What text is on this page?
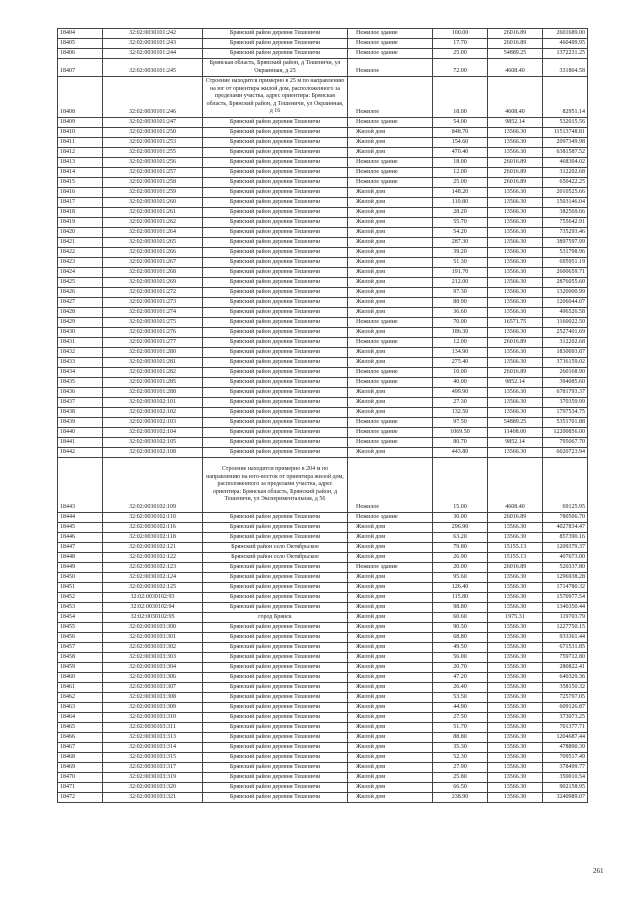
18404	32:02:0030101:242	Брянский район деревня Тешеничи	Нежилое здание	100.00	26016.89	2601689.00
18405	32:02:0030101:243	Брянский район деревня Тешеничи	Нежилое здание	17.70	26016.89	460499.95
18406	32:02:0030101:244	Брянский район деревня Тешеничи	Нежилое здание	25.00	54889.25	1372231.25
18407	32:02:0030101:245	Брянская область, Брянский район, д Тешеничи, ул Окраинная, д 25	Нежилое	72.00	4608.40	331804.58
18408	32:02:0030101:246	Строение находится примерно в 25 м по направлению на юг от ориентира жилой дом, расположенного за пределами участка, адрес ориентира: Брянская область, Брянский район, д Тешеничи, ул Окраинная, д 16	Нежилое	18.00	4608.40	82951.14
18409	32:02:0030101:247	Брянский район деревня Тешеничи	Нежилое здание	54.00	9852.14	532015.56
18410	32:02:0030101:250	Брянский район деревня Тешеничи	Жилой дом	848.70	13566.30	11513748.81
18411	32:02:0030101:253	Брянский район деревня Тешеничи	Жилой дом	154.60	13566.30	2097349.98
18412	32:02:0030101:255	Брянский район деревня Тешеничи	Жилой дом	470.40	13566.30	6381587.52
18413	32:02:0030101:256	Брянский район деревня Тешеничи	Нежилое здание	18.00	26016.89	468304.02
18414	32:02:0030101:257	Брянский район деревня Тешеничи	Нежилое здание	12.00	26016.89	312202.68
18415	32:02:0030101:258	Брянский район деревня Тешеничи	Нежилое здание	25.00	26016.89	650422.25
18416	32:02:0030101:259	Брянский район деревня Тешеничи	Жилой дом	148.20	13566.30	2010525.66
18417	32:02:0030101:260	Брянский район деревня Тешеничи	Жилой дом	110.80	13566.30	1503146.04
18418	32:02:0030101:261	Брянский район деревня Тешеничи	Жилой дом	28.20	13566.30	382569.66
18419	32:02:0030101:262	Брянский район деревня Тешеничи	Жилой дом	55.70	13566.30	755642.91
18420	32:02:0030101:264	Брянский район деревня Тешеничи	Жилой дом	54.20	13566.30	735293.46
18421	32:02:0030101:265	Брянский район деревня Тешеничи	Жилой дом	287.30	13566.30	3897597.99
18422	32:02:0030101:266	Брянский район деревня Тешеничи	Жилой дом	39.20	13566.30	531798.96
18423	32:02:0030101:267	Брянский район деревня Тешеничи	Жилой дом	51.30	13566.30	695951.19
18424	32:02:0030101:268	Брянский район деревня Тешеничи	Жилой дом	191.70	13566.30	2600659.71
18425	32:02:0030101:269	Брянский район деревня Тешеничи	Жилой дом	212.00	13566.30	2876055.60
18426	32:02:0030101:272	Брянский район деревня Тешеничи	Жилой дом	97.30	13566.30	1320000.99
18427	32:02:0030101:273	Брянский район деревня Тешеничи	Жилой дом	88.90	13566.30	1206044.07
18428	32:02:0030101:274	Брянский район деревня Тешеничи	Жилой дом	36.60	13566.30	496526.58
18429	32:02:0030101:275	Брянский район деревня Тешеничи	Нежилое здание	70.00	16571.75	1160022.50
18430	32:02:0030101:276	Брянский район деревня Тешеничи	Жилой дом	186.30	13566.30	2527401.69
18431	32:02:0030101:277	Брянский район деревня Тешеничи	Нежилое здание	12.00	26016.89	312202.68
18432	32:02:0030101:280	Брянский район деревня Тешеничи	Жилой дом	134.90	13566.30	1830093.87
18433	32:02:0030101:281	Брянский район деревня Тешеничи	Жилой дом	275.40	13566.30	3736159.02
18434	32:02:0030101:282	Брянский район деревня Тешеничи	Нежилое здание	10.00	26016.89	260168.90
18435	32:02:0030101:285	Брянский район деревня Тешеничи	Нежилое здание	40.00	9852.14	394085.60
18436	32:02:0030101:288	Брянский район деревня Тешеничи	Жилой дом	499.90	13566.30	6781793.37
18437	32:02:0030102:101	Брянский район деревня Тешеничи	Жилой дом	27.30	13566.30	370359.99
18438	32:02:0030102:102	Брянский район деревня Тешеничи	Жилой дом	132.50	13566.30	1797534.75
18439	32:02:0030102:103	Брянский район деревня Тешеничи	Нежилое здание	97.50	54889.25	5351701.88
18440	32:02:0030102:104	Брянский район деревня Тешеничи	Нежилое здание	1069.50	11408.00	12200856.00
18441	32:02:0030102:105	Брянский район деревня Тешеничи	Нежилое здание	80.70	9852.14	795067.70
18442	32:02:0030102:108	Брянский район деревня Тешеничи	Жилой дом	443.80	13566.30	6020723.94
18443	32:02:0030102:109	Строение находится примерно в 204 м по направлению на юго-восток от ориентира жилой дом, расположенного за пределами участка, адрес ориентира: Брянская область, Брянский район, д Тешеничи, ул Экспериментальная, д 56	Нежилое	15.00	4608.40	69125.95
18444	32:02:0030102:110	Брянский район деревня Тешеничи	Нежилое здание	30.00	26016.89	780506.70
18445	32:02:0030102:116	Брянский район деревня Тешеничи	Жилой дом	296.90	13566.30	4027834.47
18446	32:02:0030102:118	Брянский район деревня Тешеничи	Жилой дом	63.20	13566.30	857390.16
18447	32:02:0030102:121	Брянский район село Октябрьское	Жилой дом	79.80	15155.13	1209379.37
18448	32:02:0030102:122	Брянский район село Октябрьское	Жилой дом	26.90	15155.13	407673.00
18449	32:02:0030102:123	Брянский район деревня Тешеничи	Нежилое здание	20.00	26016.89	520337.80
18450	32:02:0030102:124	Брянский район деревня Тешеничи	Жилой дом	95.60	13566.30	1296938.28
18451	32:02:0030102:125	Брянский район деревня Тешеничи	Жилой дом	126.40	13566.30	1714780.32
18452	32:02:0030102:93	Брянский район деревня Тешеничи	Жилой дом	115.80	13566.30	1570977.54
18453	32:02:0030102:94	Брянский район деревня Тешеничи	Жилой дом	98.80	13566.30	1340350.44
18454	32:02:0030102:95	город Брянск	Жилой дом	60.60	1975.31	119703.79
18455	32:02:0030103:300	Брянский район деревня Тешеничи	Жилой дом	90.50	13566.30	1227750.15
18456	32:02:0030103:301	Брянский район деревня Тешеничи	Жилой дом	68.80	13566.30	933361.44
18457	32:02:0030103:302	Брянский район деревня Тешеничи	Жилой дом	49.50	13566.30	671531.85
18458	32:02:0030103:303	Брянский район деревня Тешеничи	Жилой дом	56.00	13566.30	759712.80
18459	32:02:0030103:304	Брянский район деревня Тешеничи	Жилой дом	20.70	13566.30	280822.41
18460	32:02:0030103:306	Брянский район деревня Тешеничи	Жилой дом	47.20	13566.30	640329.36
18461	32:02:0030103:307	Брянский район деревня Тешеничи	Жилой дом	26.40	13566.30	358150.32
18462	32:02:0030103:308	Брянский район деревня Тешеничи	Жилой дом	53.50	13566.30	725797.05
18463	32:02:0030103:309	Брянский район деревня Тешеничи	Жилой дом	44.90	13566.30	609126.87
18464	32:02:0030103:310	Брянский район деревня Тешеничи	Жилой дом	27.50	13566.30	373073.25
18465	32:02:0030103:311	Брянский район деревня Тешеничи	Жилой дом	51.70	13566.30	701377.71
18466	32:02:0030103:313	Брянский район деревня Тешеничи	Жилой дом	88.80	13566.30	1204687.44
18467	32:02:0030103:314	Брянский район деревня Тешеничи	Жилой дом	35.30	13566.30	478890.39
18468	32:02:0030103:315	Брянский район деревня Тешеничи	Жилой дом	52.30	13566.30	709517.49
18469	32:02:0030103:317	Брянский район деревня Тешеничи	Жилой дом	27.90	13566.30	378499.77
18470	32:02:0030103:319	Брянский район деревня Тешеничи	Жилой дом	25.80	13566.30	350010.54
18471	32:02:0030103:320	Брянский район деревня Тешеничи	Жилой дом	66.50	13566.30	902158.95
18472	32:02:0030103:321	Брянский район деревня Тешеничи	Жилой дом	238.90	13566.30	3240989.07
261
